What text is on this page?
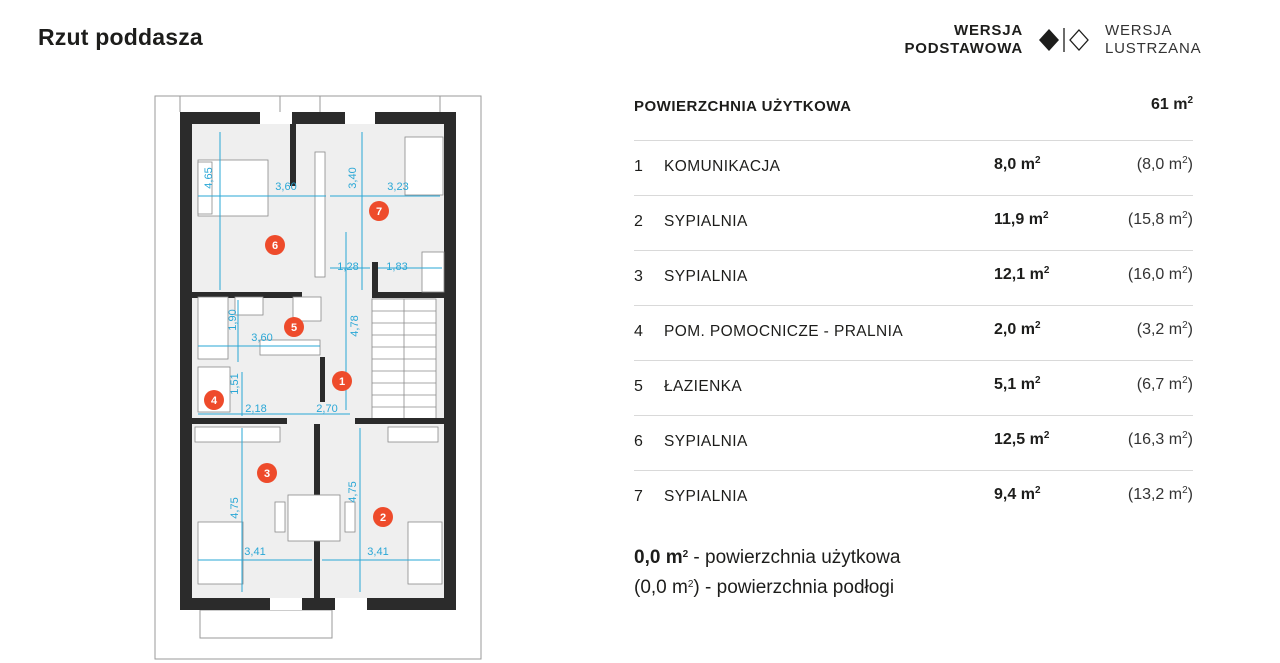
Rzut poddasza	WERSJA
PODSTAWOWA
WERSJA
LUSTRZANA
4,65	3,60	3,40	3,23
1,28	1,83
1,90
3,60
4,78
1,51
2,18	2,70
4,75
4,75
3,41	3,41
1
2
3
4
5
6
7
POWIERZCHNIA UŻYTKOWA	61 $m^2$
1 KOMUNIKACJA	8,0 $m^2$	(8,0 $m^2$)
2 SYPIALNIA	11,9 $m^2$	(15,8 $m^2$)
3 SYPIALNIA	12,1 $m^2$	(16,0 $m^2$)
4 POM. POMOCNICZE - PRALNIA	2,0 $m^2$	(3,2 $m^2$)
5 ŁAZIENKA	5,1 $m^2$	(6,7 $m^2$)
6 SYPIALNIA	12,5 $m^2$	(16,3 $m^2$)
7 SYPIALNIA	9,4 $m^2$	(13,2 $m^2$)
0,0 $m^2$ - powierzchnia użytkowa
(0,0 $m^2$) - powierzchnia podłogi
